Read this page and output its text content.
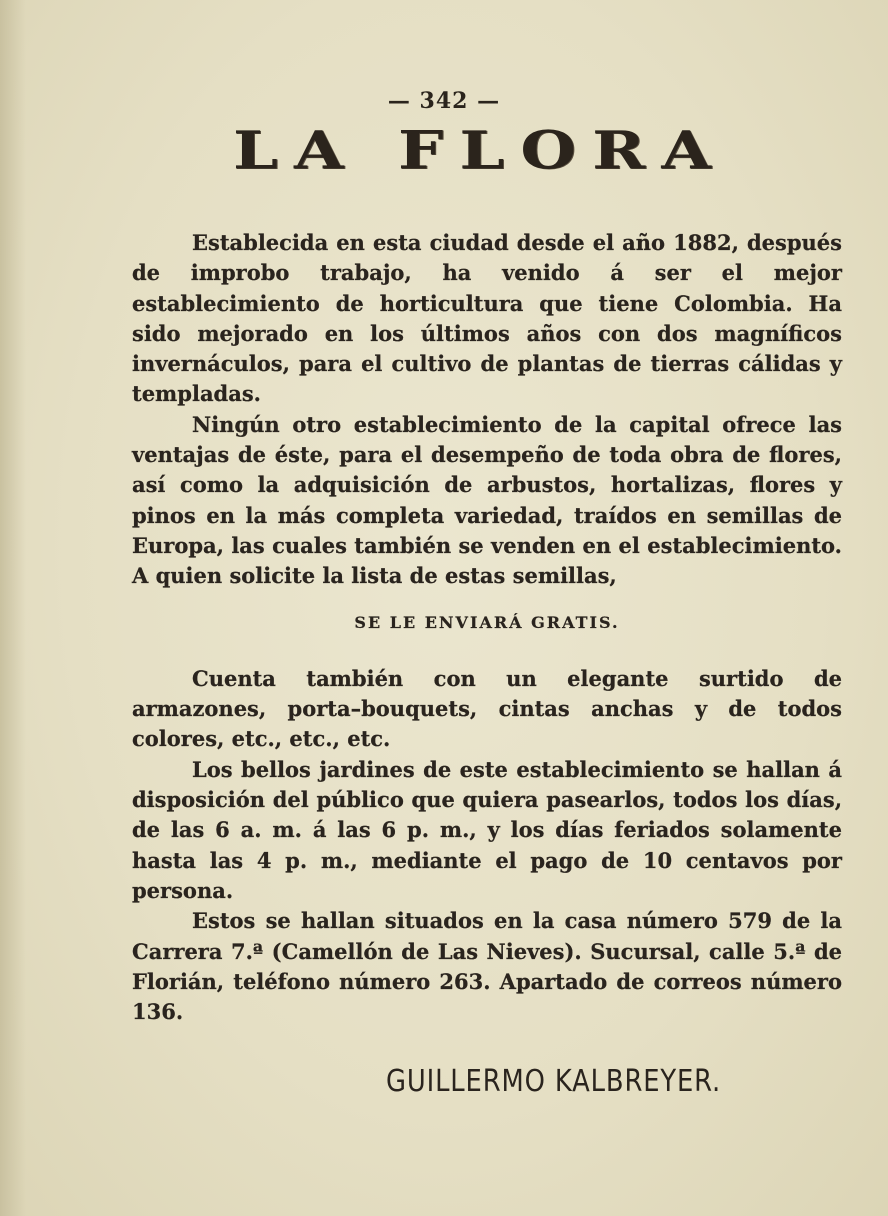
— 342 —
LA FLORA

Establecida en esta ciudad desde el año 1882, después de improbo trabajo, ha venido á ser el mejor establecimiento de horticultura que tiene Colombia. Ha sido mejorado en los últimos años con dos magníficos invernáculos, para el cultivo de plantas de tierras cálidas y templadas.

Ningún otro establecimiento de la capital ofrece las ventajas de éste, para el desempeño de toda obra de flores, así como la adquisición de arbustos, hortalizas, flores y pinos en la más completa variedad, traídos en semillas de Europa, las cuales también se venden en el establecimiento. A quien solicite la lista de estas semillas,

SE LE ENVIARÁ GRATIS.

Cuenta también con un elegante surtido de armazones, porta–bouquets, cintas anchas y de todos colores, etc., etc., etc.

Los bellos jardines de este establecimiento se hallan á disposición del público que quiera pasearlos, todos los días, de las 6 a. m. á las 6 p. m., y los días feriados solamente hasta las 4 p. m., mediante el pago de 10 centavos por persona.

Estos se hallan situados en la casa número 579 de la Carrera 7.ª (Camellón de Las Nieves). Sucursal, calle 5.ª de Florián, teléfono número 263. Apartado de correos número 136.

GUILLERMO KALBREYER.
